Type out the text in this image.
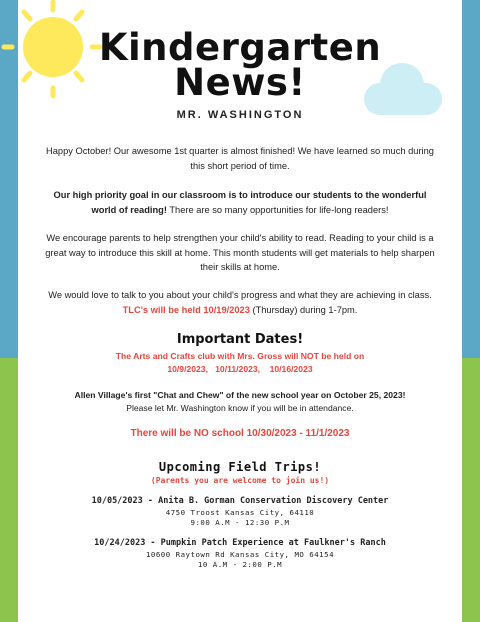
Kindergarten
News!
MR. WASHINGTON
Happy October! Our awesome 1st quarter is almost finished! We have learned so much during this short period of time.
Our high priority goal in our classroom is to introduce our students to the wonderful world of reading! There are so many opportunities for life-long readers!
We encourage parents to help strengthen your child's ability to read. Reading to your child is a great way to introduce this skill at home. This month students will get materials to help sharpen their skills at home.
We would love to talk to you about your child's progress and what they are achieving in class. TLC's will be held 10/19/2023 (Thursday) during 1-7pm.
Important Dates!
The Arts and Crafts club with Mrs. Gross will NOT be held on
10/9/2023,   10/11/2023,    10/16/2023
Allen Village's first "Chat and Chew" of the new school year on October 25, 2023!
Please let Mr. Washington know if you will be in attendance.
There will be NO school 10/30/2023 - 11/1/2023
Upcoming Field Trips!
(Parents you are welcome to join us!)
10/05/2023 - Anita B. Gorman Conservation Discovery Center
4750 Troost Kansas City, 64110
9:00 A.M - 12:30 P.M
10/24/2023 - Pumpkin Patch Experience at Faulkner's Ranch
10600 Raytown Rd Kansas City, MO 64154
10 A.M - 2:00 P.M
